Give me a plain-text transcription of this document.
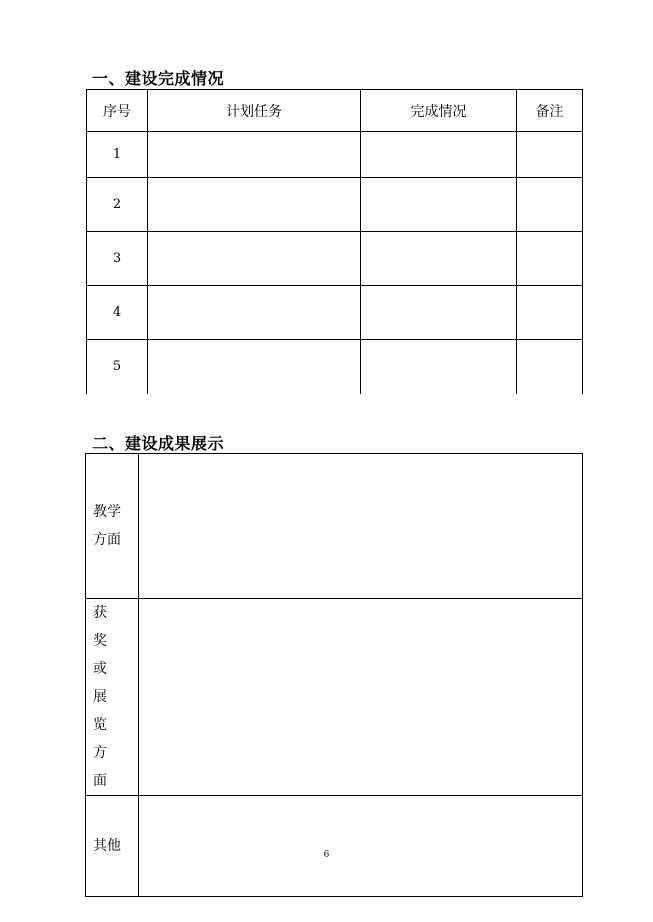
一、建设完成情况
序号	计划任务	完成情况	备注
1			
2			
3			
4			
5			
二、建设成果展示
教学
方面	

获　奖
或　展
览　方
面	

其他	

6
